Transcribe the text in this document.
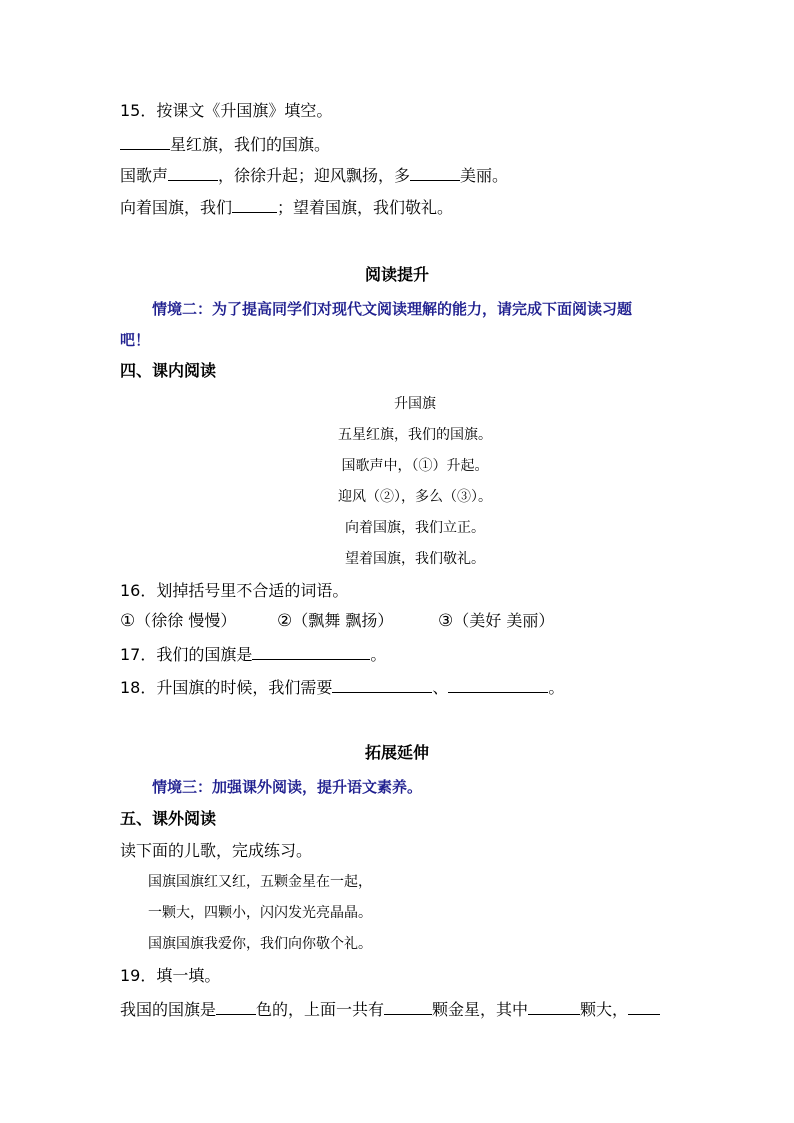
15．按课文《升国旗》填空。
星红旗，我们的国旗。
国歌声	，徐徐升起；迎风飘扬，多	美丽。
向着国旗，我们	；望着国旗，我们敬礼。
阅读提升
情境二：为了提高同学们对现代文阅读理解的能力，请完成下面阅读习题
吧！
四、课内阅读
升国旗
五星红旗，我们的国旗。
国歌声中，（①）升起。
迎风（②），多么（③）。
向着国旗，我们立正。
望着国旗，我们敬礼。
16．划掉括号里不合适的词语。
①（徐徐 慢慢） ②（飘舞 飘扬）	③（美好 美丽）
17．我们的国旗是	。
18．升国旗的时候，我们需要	、	。
拓展延伸
情境三：加强课外阅读，提升语文素养。
五、课外阅读
读下面的儿歌，完成练习。
国旗国旗红又红，五颗金星在一起，
一颗大，四颗小，闪闪发光亮晶晶。
国旗国旗我爱你，我们向你敬个礼。
19．填一填。
我国的国旗是	色的，上面一共有	颗金星，其中	颗大，
